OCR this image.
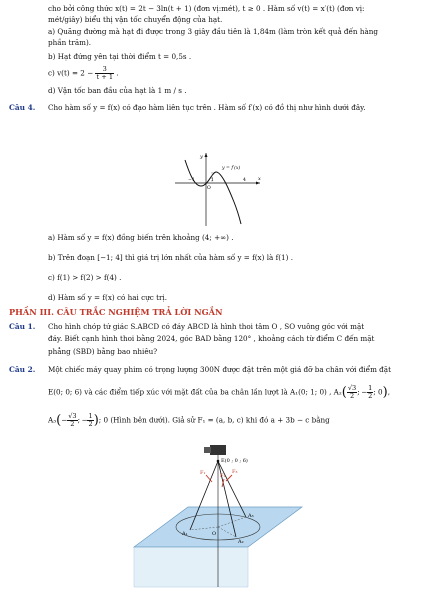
cho bởi công thức x(t) = 2t − 3ln(t + 1) (đơn vị:mét), t ≥ 0 . Hàm số v(t) = x′(t) (đơn vị:
mét/giây) biểu thị vận tốc chuyển động của hạt.
a) Quãng đường mà hạt đi được trong 3 giây đầu tiên là 1,84m (làm tròn kết quả đến hàng
phần trăm).
b) Hạt đứng yên tại thời điểm t = 0,5s .
c) $v(t) = 2 - \frac{3}{t + 1}$ .
d) Vận tốc ban đầu của hạt là 1 m / s .
Câu 4. Cho hàm số y = f(x) có đạo hàm liên tục trên . Hàm số f′(x) có đồ thị như hình dưới đây.
y
x
y = f′(x)
−1
O
1	4
a) Hàm số y = f(x) đồng biến trên khoảng (4; +∞) .
b) Trên đoạn [−1; 4] thì giá trị lớn nhất của hàm số y = f(x) là f(1) .
c) f(1) > f(2) > f(4) .
d) Hàm số y = f(x) có hai cực trị.
PHẦN III. CÂU TRẮC NGHIỆM TRẢ LỜI NGẮN
Câu 1. Cho hình chóp tứ giác S.ABCD có đáy ABCD là hình thoi tâm O , SO vuông góc với mặt
đáy. Biết cạnh hình thoi bằng 2024, góc BAD bằng 120° , khoảng cách từ điểm C đến mặt
phẳng (SBD) bằng bao nhiêu?
Câu 2. Một chiếc máy quay phim có trọng lượng 300N được đặt trên một giá đỡ ba chân với điểm đặt
E(0; 0; 6) và các điểm tiếp xúc với mặt đất của ba chân lần lượt là A₁(0; 1; 0) , $A_2( \frac{√3}{2}$ ; − $\frac{1}{2}$ ; 0),
$A_3(- \frac{√3}{2}$ ; − $\frac{1}{2}$ ); 0 (Hình bên dưới). Giả sử F₁ = (a, b, c) khi đó a + 3b − c bằng
E(0 ; 0 ; 6)
F₁	F₂
F₃
A₁
A₂
A₃
O
